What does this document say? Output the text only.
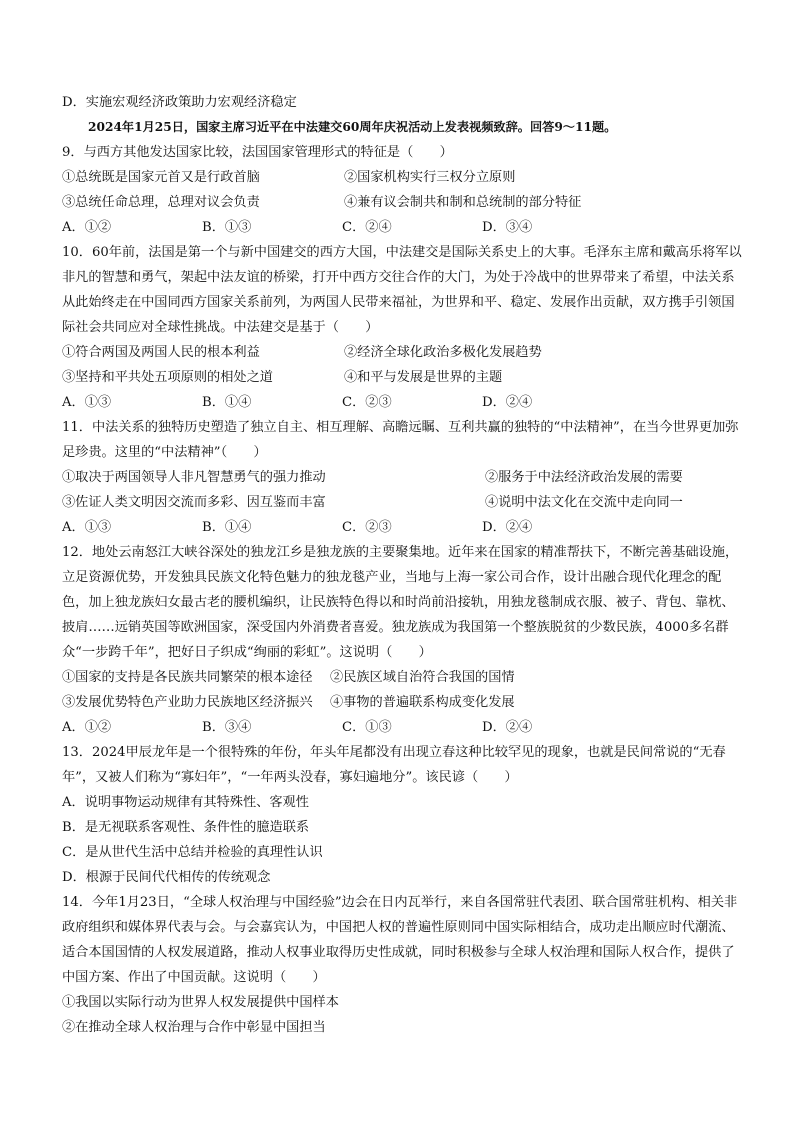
D．实施宏观经济政策助力宏观经济稳定
2024年1月25日，国家主席习近平在中法建交60周年庆祝活动上发表视频致辞。回答9～11题。
9．与西方其他发达国家比较，法国国家管理形式的特征是（　　）
①总统既是国家元首又是行政首脑	②国家机构实行三权分立原则
③总统任命总理，总理对议会负责	④兼有议会制共和制和总统制的部分特征
A．①②	B．①③	C．②④	D．③④
10．60年前，法国是第一个与新中国建交的西方大国，中法建交是国际关系史上的大事。毛泽东主席和戴高乐将军以非凡的智慧和勇气，架起中法友谊的桥梁，打开中西方交往合作的大门，为处于冷战中的世界带来了希望，中法关系从此始终走在中国同西方国家关系前列，为两国人民带来福祉，为世界和平、稳定、发展作出贡献，双方携手引领国际社会共同应对全球性挑战。中法建交是基于（　　）
①符合两国及两国人民的根本利益	②经济全球化政治多极化发展趋势
③坚持和平共处五项原则的相处之道	④和平与发展是世界的主题
A．①③	B．①④	C．②③	D．②④
11．中法关系的独特历史塑造了独立自主、相互理解、高瞻远瞩、互利共赢的独特的“中法精神”，在当今世界更加弥足珍贵。这里的“中法精神”（　　）
①取决于两国领导人非凡智慧勇气的强力推动	②服务于中法经济政治发展的需要
③佐证人类文明因交流而多彩、因互鉴而丰富	④说明中法文化在交流中走向同一
A．①③	B．①④	C．②③	D．②④
12．地处云南怒江大峡谷深处的独龙江乡是独龙族的主要聚集地。近年来在国家的精准帮扶下，不断完善基础设施，立足资源优势，开发独具民族文化特色魅力的独龙毯产业，当地与上海一家公司合作，设计出融合现代化理念的配色，加上独龙族妇女最古老的腰机编织，让民族特色得以和时尚前沿接轨，用独龙毯制成衣服、被子、背包、靠枕、披肩……远销英国等欧洲国家，深受国内外消费者喜爱。独龙族成为我国第一个整族脱贫的少数民族，4000多名群众“一步跨千年”，把好日子织成“绚丽的彩虹”。这说明（　　）
①国家的支持是各民族共同繁荣的根本途径	②民族区域自治符合我国的国情
③发展优势特色产业助力民族地区经济振兴	④事物的普遍联系构成变化发展
A．①②	B．③④	C．①③	D．②④
13．2024甲辰龙年是一个很特殊的年份，年头年尾都没有出现立春这种比较罕见的现象，也就是民间常说的“无春年”，又被人们称为“寡妇年”，“一年两头没春，寡妇遍地分”。该民谚（　　）
A．说明事物运动规律有其特殊性、客观性
B．是无视联系客观性、条件性的臆造联系
C．是从世代生活中总结并检验的真理性认识
D．根源于民间代代相传的传统观念
14．今年1月23日，“全球人权治理与中国经验”边会在日内瓦举行，来自各国常驻代表团、联合国常驻机构、相关非政府组织和媒体界代表与会。与会嘉宾认为，中国把人权的普遍性原则同中国实际相结合，成功走出顺应时代潮流、适合本国国情的人权发展道路，推动人权事业取得历史性成就，同时积极参与全球人权治理和国际人权合作，提供了中国方案、作出了中国贡献。这说明（　　）
①我国以实际行动为世界人权发展提供中国样本
②在推动全球人权治理与合作中彰显中国担当
